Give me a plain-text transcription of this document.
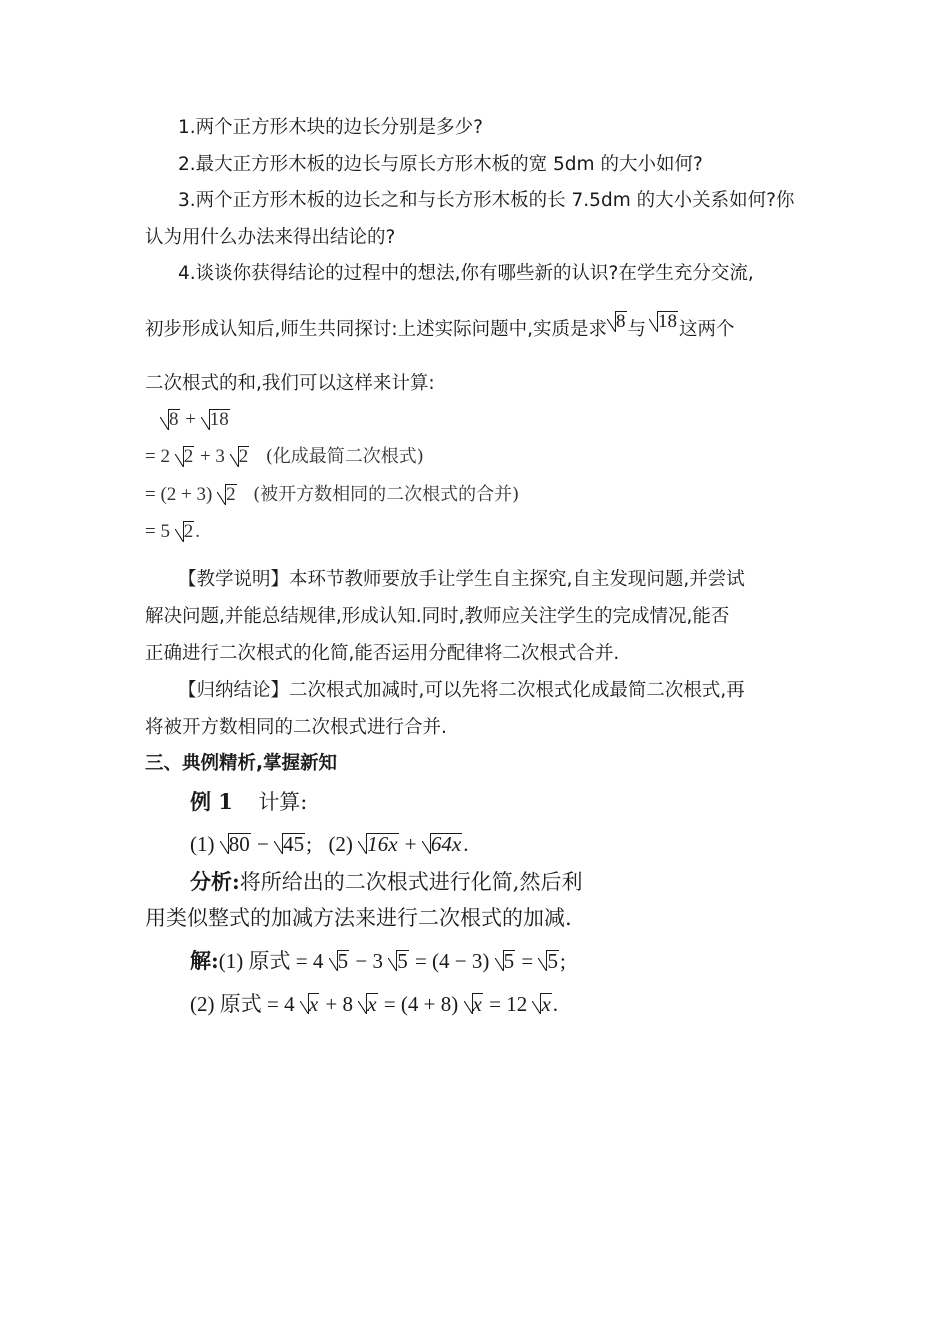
1.两个正方形木块的边长分别是多少?
2.最大正方形木板的边长与原长方形木板的宽 5dm 的大小如何?
3.两个正方形木板的边长之和与长方形木板的长 7.5dm 的大小关系如何?你
认为用什么办法来得出结论的?
4.谈谈你获得结论的过程中的想法,你有哪些新的认识?在学生充分交流,
初步形成认知后,师生共同探讨:上述实际问题中,实质是求 8 与 18 这两个
二次根式的和,我们可以这样来计算:
8 + 18
= 2 2 + 3 2 (化成最简二次根式)
= (2 + 3) 2 (被开方数相同的二次根式的合并)
= 5 2 .
【教学说明】本环节教师要放手让学生自主探究,自主发现问题,并尝试
解决问题,并能总结规律,形成认知.同时,教师应关注学生的完成情况,能否
正确进行二次根式的化简,能否运用分配律将二次根式合并.
【归纳结论】二次根式加减时,可以先将二次根式化成最简二次根式,再
将被开方数相同的二次根式进行合并.
三、典例精析,掌握新知
例 1 计算:
(1) 80 − 45; (2) 16x + 64x.
分析:将所给出的二次根式进行化简,然后利
用类似整式的加减方法来进行二次根式的加减.
解:(1) 原式 = 4 5 − 3 5 = (4 − 3) 5 = 5;
(2) 原式 = 4 x + 8 x = (4 + 8) x = 12 x.
